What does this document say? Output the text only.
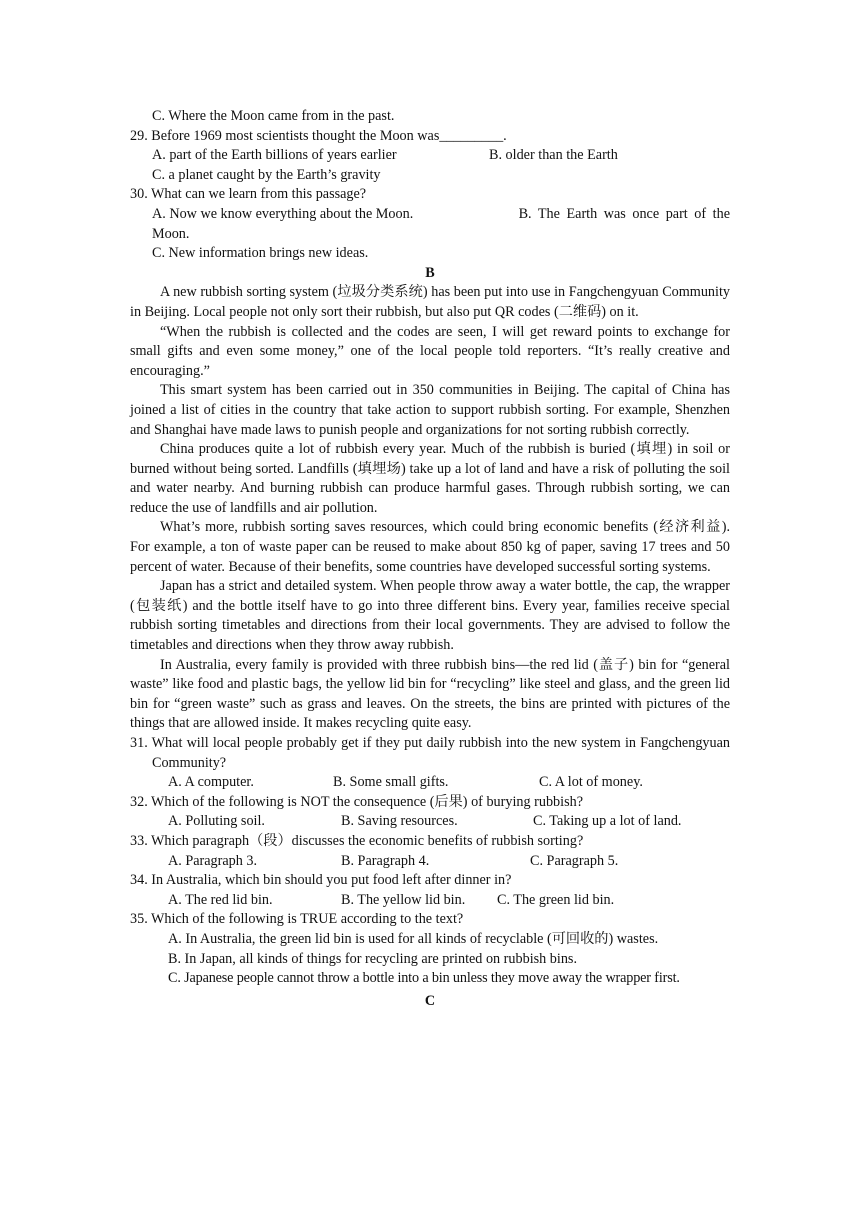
C. Where the Moon came from in the past.

29. Before 1969 most scientists thought the Moon was_________.

A. part of the Earth billions of years earlier	B. older than the Earth

C. a planet caught by the Earth’s gravity

30. What can we learn from this passage?

A. Now we know everything about the Moon.	B. The Earth was once part of the

Moon.

C. New information brings new ideas.

B

A new rubbish sorting system (垃圾分类系统) has been put into use in Fangchengyuan Community in Beijing. Local people not only sort their rubbish, but also put QR codes (二维码) on it.

“When the rubbish is collected and the codes are seen, I will get reward points to exchange for small gifts and even some money,” one of the local people told reporters. “It’s really creative and encouraging.”

This smart system has been carried out in 350 communities in Beijing. The capital of China has joined a list of cities in the country that take action to support rubbish sorting. For example, Shenzhen and Shanghai have made laws to punish people and organizations for not sorting rubbish correctly.

China produces quite a lot of rubbish every year. Much of the rubbish is buried (填埋) in soil or burned without being sorted. Landfills (填埋场) take up a lot of land and have a risk of polluting the soil and water nearby. And burning rubbish can produce harmful gases. Through rubbish sorting, we can reduce the use of landfills and air pollution.

What’s more, rubbish sorting saves resources, which could bring economic benefits (经济利益). For example, a ton of waste paper can be reused to make about 850 kg of paper, saving 17 trees and 50 percent of water. Because of their benefits, some countries have developed successful sorting systems.

Japan has a strict and detailed system. When people throw away a water bottle, the cap, the wrapper (包装纸) and the bottle itself have to go into three different bins. Every year, families receive special rubbish sorting timetables and directions from their local governments. They are advised to follow the timetables and directions when they throw away rubbish.

In Australia, every family is provided with three rubbish bins—the red lid (盖子) bin for “general waste” like food and plastic bags, the yellow lid bin for “recycling” like steel and glass, and the green lid bin for “green waste” such as grass and leaves. On the streets, the bins are printed with pictures of the things that are allowed inside. It makes recycling quite easy.

31. What will local people probably get if they put daily rubbish into the new system in Fangchengyuan Community?

A. A computer.	B. Some small gifts.	C. A lot of money.

32. Which of the following is NOT the consequence (后果) of burying rubbish?

A. Polluting soil.	B. Saving resources.	C. Taking up a lot of land.

33. Which paragraph（段）discusses the economic benefits of rubbish sorting?

A. Paragraph 3.	B. Paragraph 4.	C. Paragraph 5.

34. In Australia, which bin should you put food left after dinner in?

A. The red lid bin.	B. The yellow lid bin.	C. The green lid bin.

35. Which of the following is TRUE according to the text?

A. In Australia, the green lid bin is used for all kinds of recyclable (可回收的) wastes.

B. In Japan, all kinds of things for recycling are printed on rubbish bins.

C. Japanese people cannot throw a bottle into a bin unless they move away the wrapper first.

C
